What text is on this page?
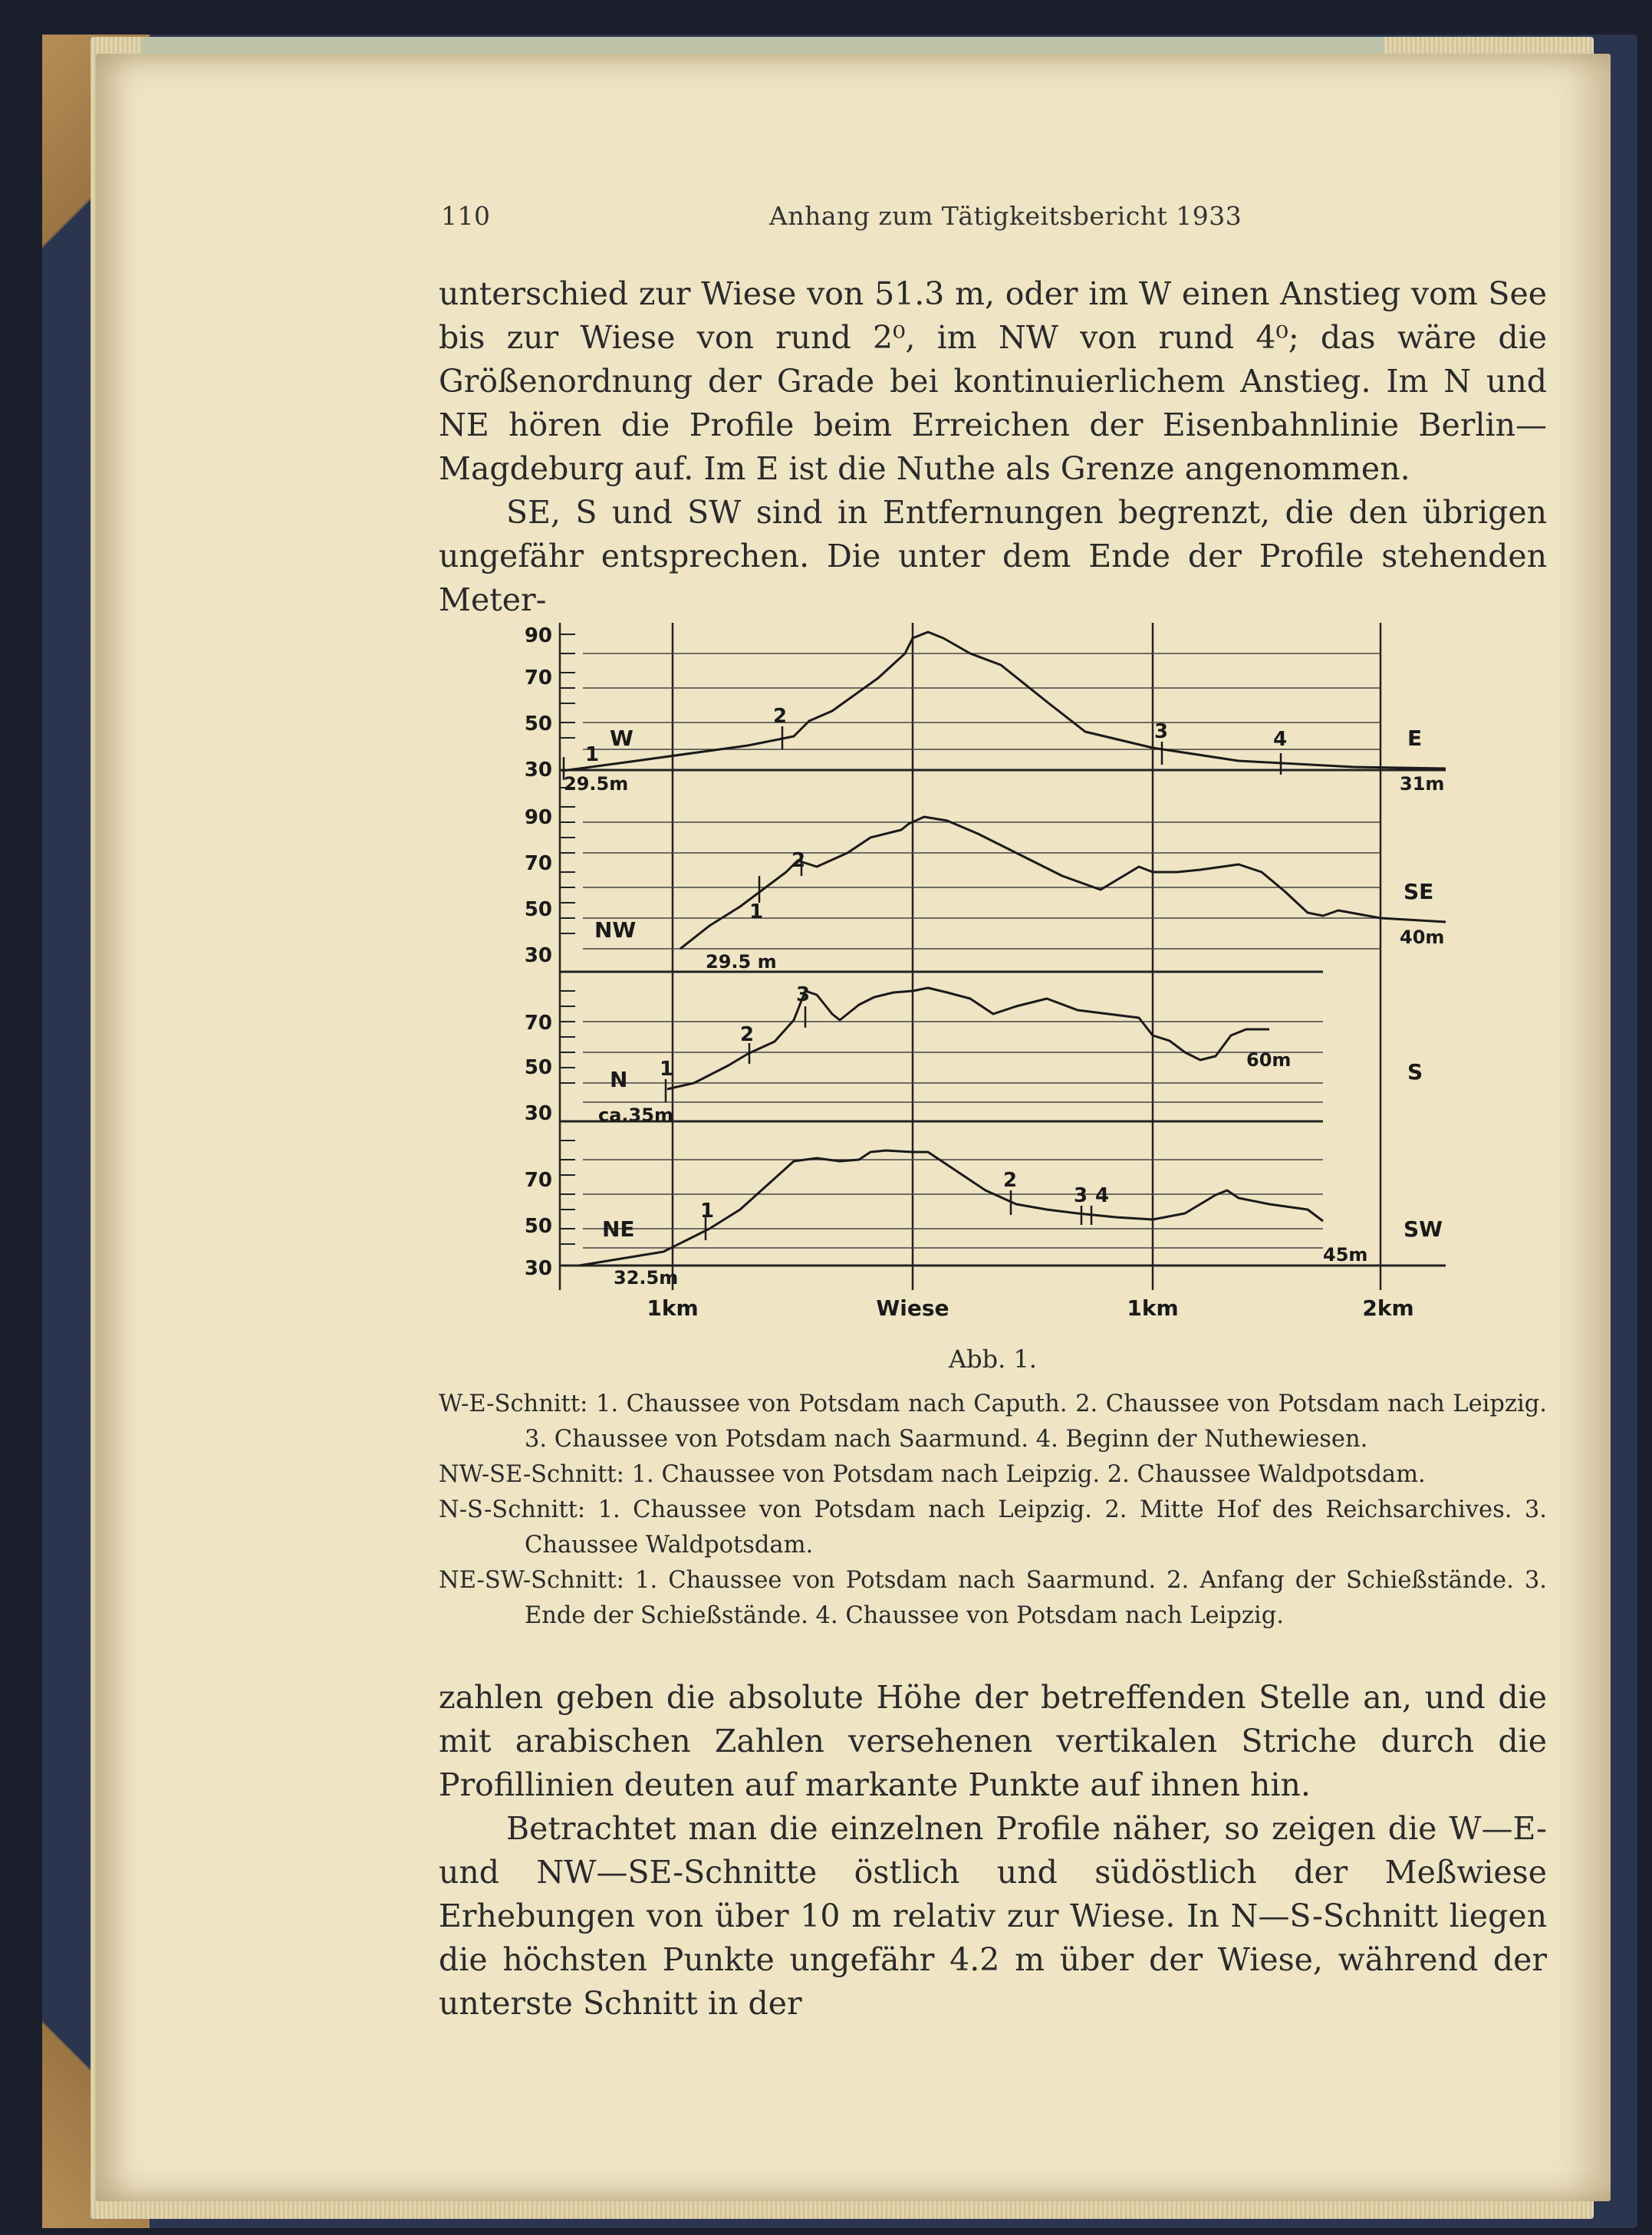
110	Anhang zum Tätigkeitsbericht 1933

unterschied zur Wiese von 51.3 m, oder im W einen Anstieg vom See bis zur Wiese von rund 2⁰, im NW von rund 4⁰; das wäre die Größenordnung der Grade bei kontinuierlichem Anstieg. Im N und NE hören die Profile beim Erreichen der Eisenbahnlinie Berlin—Magdeburg auf. Im E ist die Nuthe als Grenze angenommen.

SE, S und SW sind in Entfernungen begrenzt, die den übrigen ungefähr entsprechen. Die unter dem Ende der Profile stehenden Meter-

90
70
50
30
90
70
50
30
70
50
30
70
50
30
W	E
NW
SE
N	S
NE	SW
29.5m	31m
29.5 m
40m
ca.35m
60m
32.5m
45m
1
2
3	4
1
2
1
2
3
1
2
3 4
1km	Wiese	1km	2km
Abb. 1.
W-E-Schnitt: 1. Chaussee von Potsdam nach Caputh. 2. Chaussee von Potsdam nach Leipzig. 3. Chaussee von Potsdam nach Saarmund. 4. Beginn der Nuthewiesen.
NW-SE-Schnitt: 1. Chaussee von Potsdam nach Leipzig. 2. Chaussee Waldpotsdam.
N-S-Schnitt: 1. Chaussee von Potsdam nach Leipzig. 2. Mitte Hof des Reichsarchives. 3. Chaussee Waldpotsdam.
NE-SW-Schnitt: 1. Chaussee von Potsdam nach Saarmund. 2. Anfang der Schießstände. 3. Ende der Schießstände. 4. Chaussee von Potsdam nach Leipzig.

zahlen geben die absolute Höhe der betreffenden Stelle an, und die mit arabischen Zahlen versehenen vertikalen Striche durch die Profillinien deuten auf markante Punkte auf ihnen hin.

Betrachtet man die einzelnen Profile näher, so zeigen die W—E- und NW—SE-Schnitte östlich und südöstlich der Meßwiese Erhebungen von über 10 m relativ zur Wiese. In N—S-Schnitt liegen die höchsten Punkte ungefähr 4.2 m über der Wiese, während der unterste Schnitt in der
